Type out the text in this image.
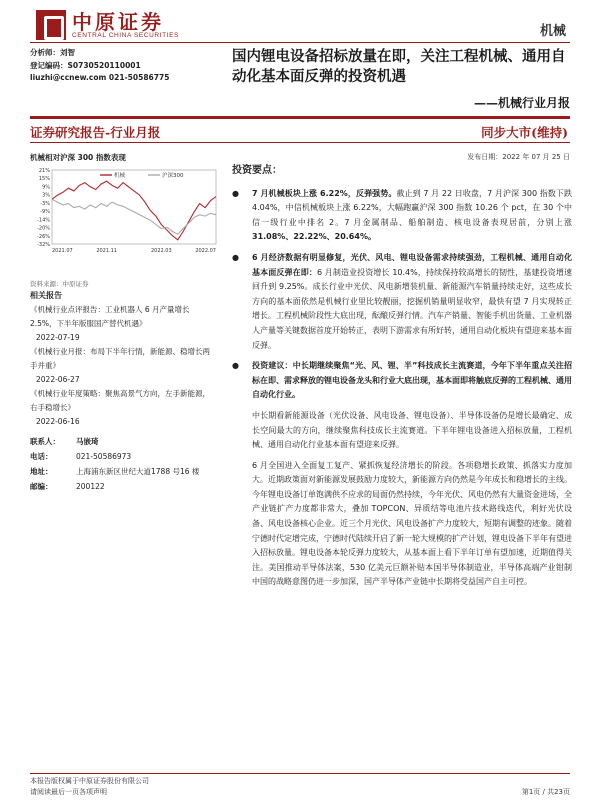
中原证券
CENTRAL CHINA SECURITIES	机械
分析师：刘智
登记编码：S0730520110001
liuzhi@ccnew.com 021-50586775
国内锂电设备招标放量在即，关注工程机械、通用自动化基本面反弹的投资机遇
——机械行业月报
证券研究报告-行业月报	同步大市(维持)
机械相对沪深 300 指数表现
21%
15%
9%
3%
-3%
-9%
-14%
-20%
-26%
-32%
2021.07	2021.11	2022.03	2022.07
机械	沪深300
资料来源：中原证券
发布日期：2022 年 07 月 25 日
相关报告
《机械行业点评报告：工业机器人 6 月产量增长 2.5%，下半年版服国产替代机遇》
2022-07-19
《机械行业月报：布局下半年行情，新能源、稳增长两手并重》
2022-06-27
《机械行业年度策略：聚焦高景气方向，左手新能源，右手稳增长》
2022-06-16
联系人：	马嵌琦
电话：	021-50586973
地址：	上海浦东新区世纪大道1788 号16 楼
邮编：	200122
投资要点：
● 7 月机械板块上涨 6.22%，反弹强势。截止到 7 月 22 日收盘，7 月沪深 300 指数下跌 4.04%，中信机械板块上涨 6.22%，大幅跑赢沪深 300 指数 10.26 个 pct，在 30 个中信一级行业中排名 2。7 月金属制品、船舶制造、核电设备表现居前，分别上涨 31.08%、22.22%、20.64%。
● 6 月经济数据有明显修复，光伏、风电、锂电设备需求持续强劲，工程机械、通用自动化基本面反弹在即：6 月制造业投资增长 10.4%，持续保持较高增长的韧性，基建投资增速回升到 9.25%。成长行业中光伏、风电新增装机量、新能源汽车销量持续走好，这些成长方向的基本面依然是机械行业里比较靓丽，挖掘机销量明显收窄，最快有望 7 月实现转正增长。工程机械阶段性大底出现，酝酿反弹行情。汽车产销量、智能手机出货量、工业机器人产量等关键数据首度开始转正，表明下游需求有所好转，通用自动化板块有望迎来基本面反弹。
● 投资建议：中长期继续聚焦“光、风、锂、半”科技成长主流赛道，今年下半年重点关注招标在即、需求释放的锂电设备龙头和行业大底出现，基本面即将触底反弹的工程机械、通用自动化行业。
中长期看新能源设备（光伏设备、风电设备、锂电设备）、半导体设备仍是增长最确定、成长空间最大的方向，继续聚焦科技成长主流赛道。下半年锂电设备进入招标放量，工程机械、通用自动化行业基本面有望迎来反弹。
6 月全国进入全面复工复产、紧抓恢复经济增长的阶段。各项稳增长政策、抓落实力度加大。近期政策面对新能源发展鼓励力度较大，新能源方向仍然是今年成长和稳增长的主线。今年锂电设备订单饱满供不应求的局面仍然持续，今年光伏、风电仍然有大量资金进场，全产业链扩产力度都非常大，叠加 TOPCON、异质结等电池片技术路线迭代，利好光伏设备、风电设备核心企业。近三个月光伏、风电设备扩产力度较大，短期有调整的迹象。随着宁德时代定增完成，宁德时代陆续开启了新一轮大规模的扩产计划，锂电设备下半年有望进入招标放量。锂电设备本轮反弹力度较大，从基本面上看下半年订单有望加速，近期值得关注。美国推动半导体法案，530 亿美元巨额补贴本国半导体制造业，半导体高端产业钳制中国的战略意图仍进一步加深，国产半导体产业链中长期将受益国产自主可控。
本报告版权属于中原证券股份有限公司
请阅读最后一页各项声明	第1页 / 共23页
